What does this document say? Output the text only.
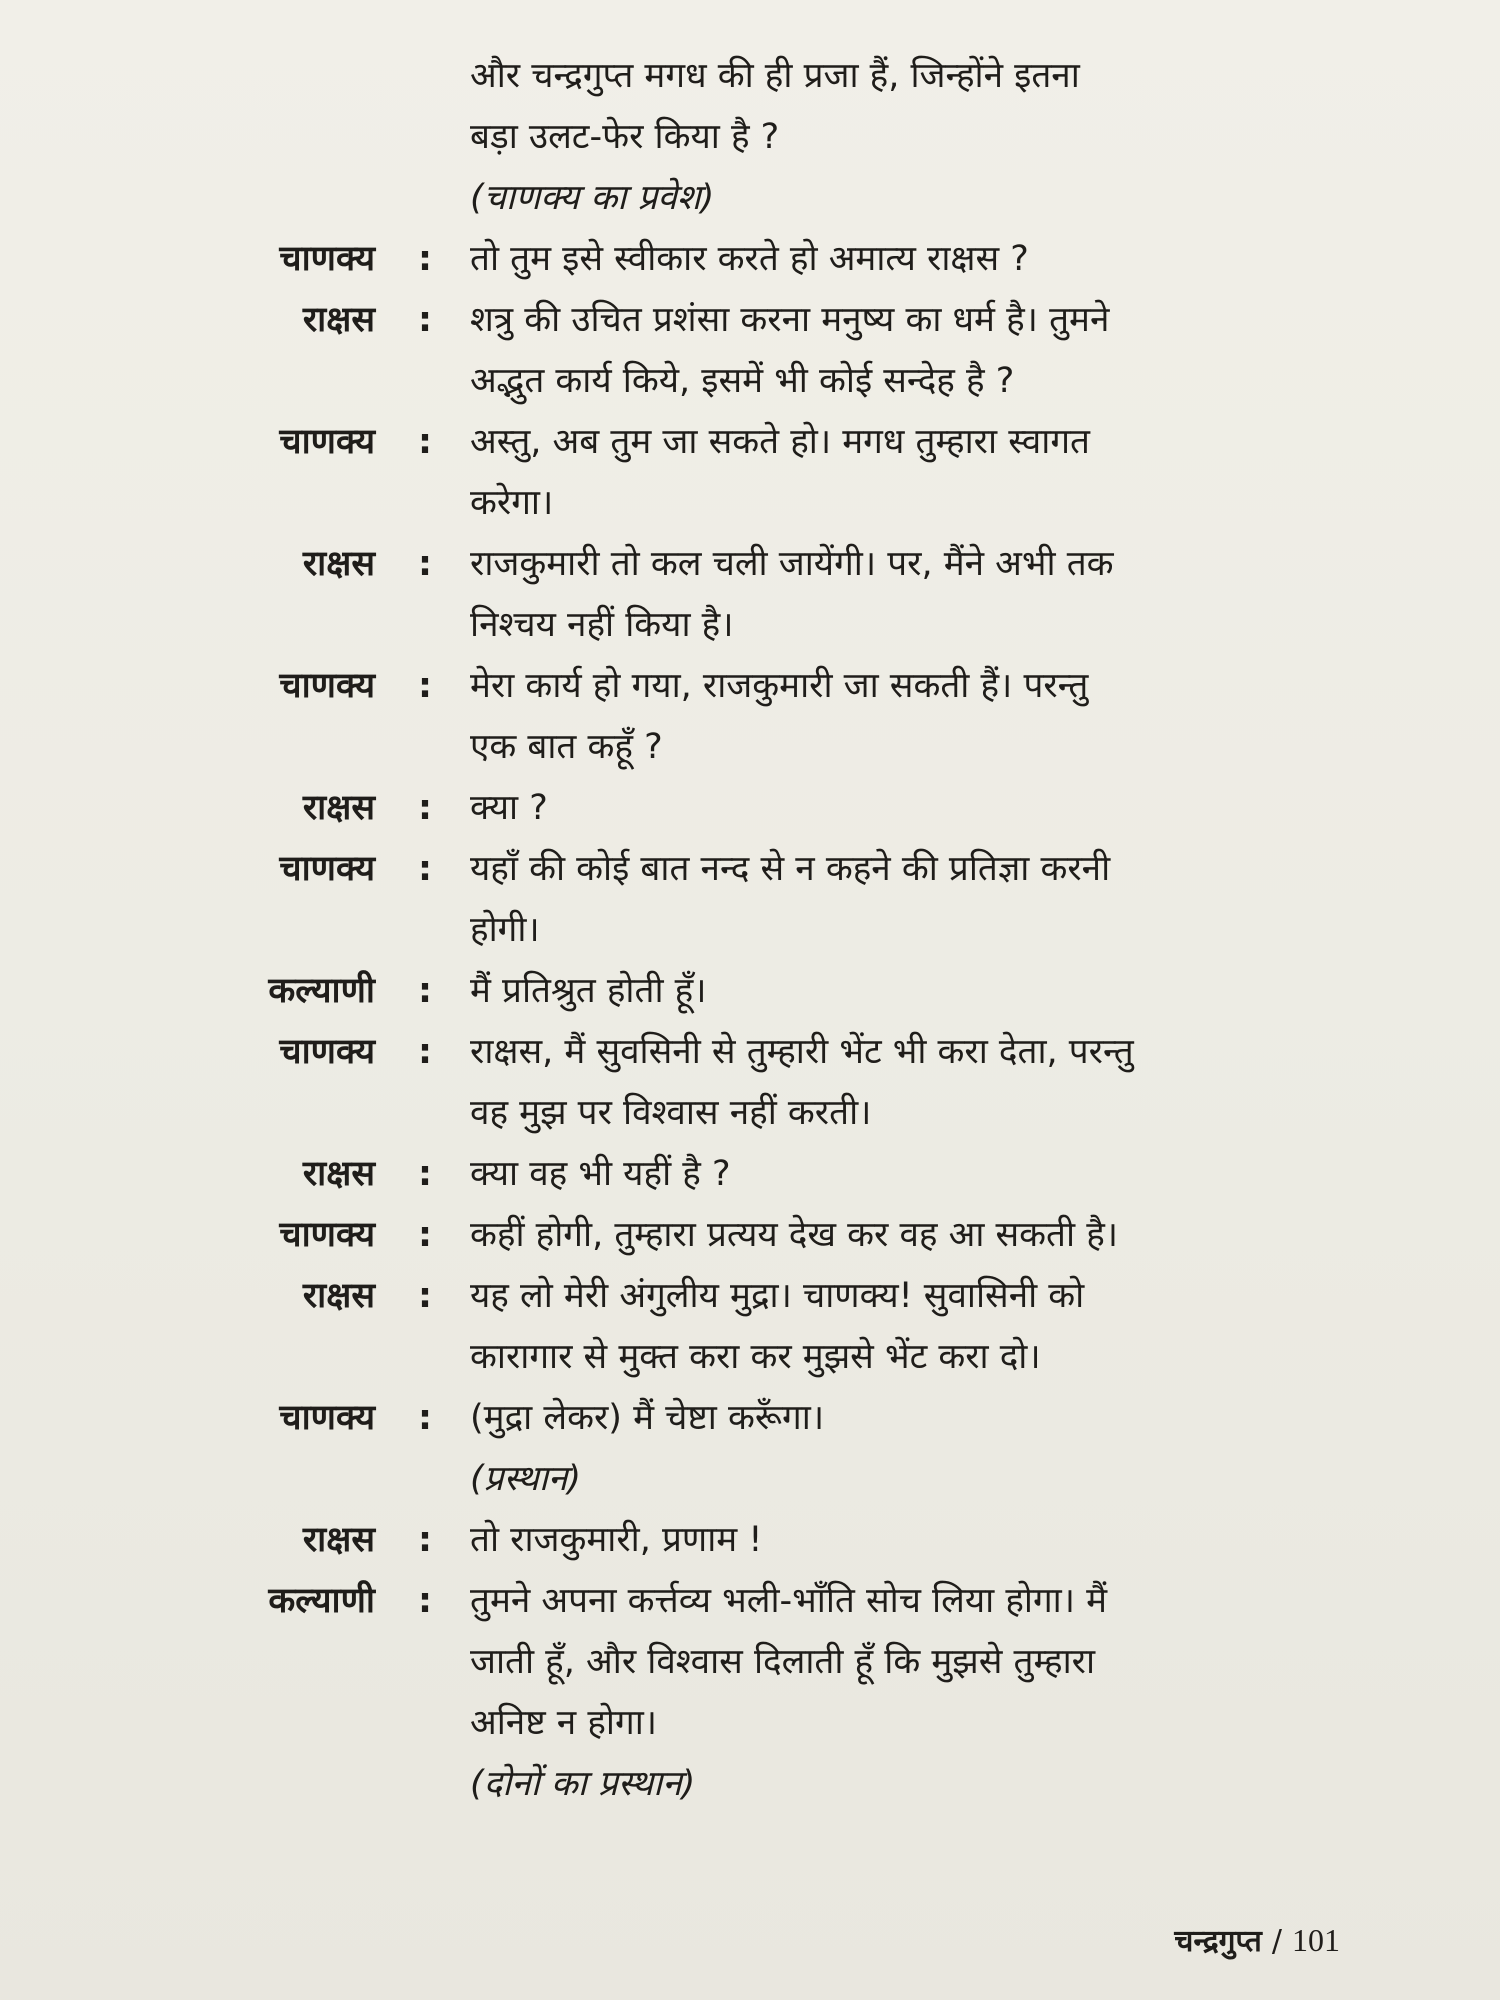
और चन्द्रगुप्त मगध की ही प्रजा हैं, जिन्होंने इतना
बड़ा उलट-फेर किया है ?
(चाणक्य का प्रवेश)
चाणक्य : तो तुम इसे स्वीकार करते हो अमात्य राक्षस ?
राक्षस : शत्रु की उचित प्रशंसा करना मनुष्य का धर्म है। तुमने
अद्भुत कार्य किये, इसमें भी कोई सन्देह है ?
चाणक्य : अस्तु, अब तुम जा सकते हो। मगध तुम्हारा स्वागत
करेगा।
राक्षस : राजकुमारी तो कल चली जायेंगी। पर, मैंने अभी तक
निश्चय नहीं किया है।
चाणक्य : मेरा कार्य हो गया, राजकुमारी जा सकती हैं। परन्तु
एक बात कहूँ ?
राक्षस : क्या ?
चाणक्य : यहाँ की कोई बात नन्द से न कहने की प्रतिज्ञा करनी
होगी।
कल्याणी : मैं प्रतिश्रुत होती हूँ।
चाणक्य : राक्षस, मैं सुवसिनी से तुम्हारी भेंट भी करा देता, परन्तु
वह मुझ पर विश्वास नहीं करती।
राक्षस : क्या वह भी यहीं है ?
चाणक्य : कहीं होगी, तुम्हारा प्रत्यय देख कर वह आ सकती है।
राक्षस : यह लो मेरी अंगुलीय मुद्रा। चाणक्य! सुवासिनी को
कारागार से मुक्त करा कर मुझसे भेंट करा दो।
चाणक्य : (मुद्रा लेकर) मैं चेष्टा करूँगा।
(प्रस्थान)
राक्षस : तो राजकुमारी, प्रणाम !
कल्याणी : तुमने अपना कर्त्तव्य भली-भाँति सोच लिया होगा। मैं
जाती हूँ, और विश्वास दिलाती हूँ कि मुझसे तुम्हारा
अनिष्ट न होगा।
(दोनों का प्रस्थान)
चन्द्रगुप्त / 101
